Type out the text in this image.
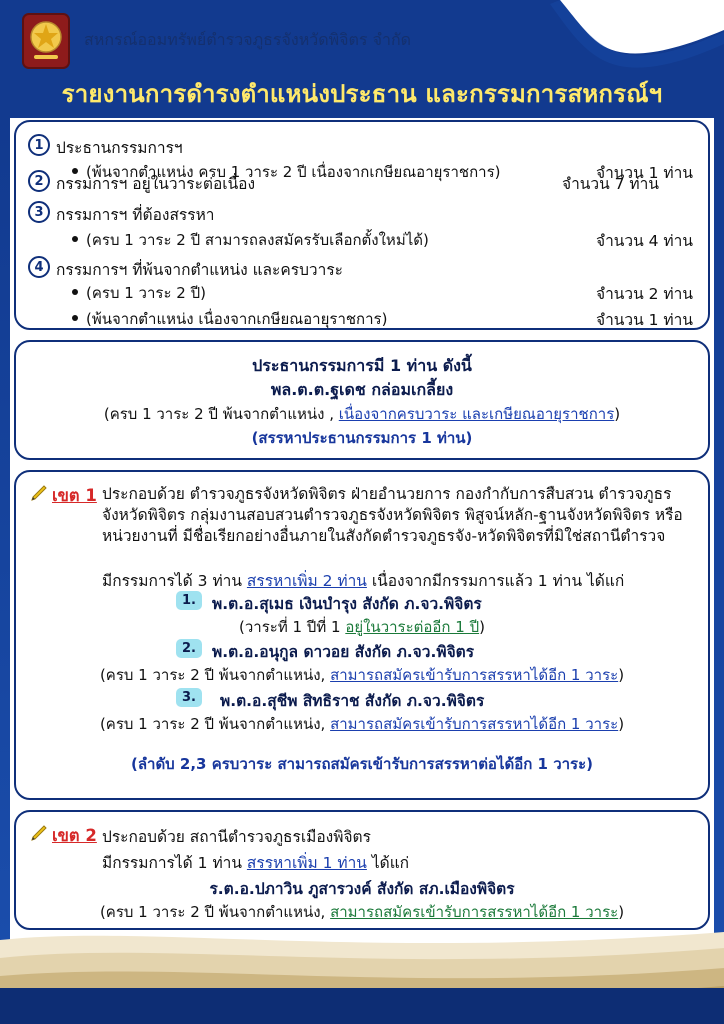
สหกรณ์ออมทรัพย์ตำรวจภูธรจังหวัดพิจิตร จำกัด
รายงานการดำรงตำแหน่งประธาน และกรรมการสหกรณ์ฯ
1 ประธานกรรมการฯ
(พ้นจากตำแหน่ง ครบ 1 วาระ 2 ปี เนื่องจากเกษียณอายุราชการ)	จำนวน 1 ท่าน
2 กรรมการฯ อยู่ในวาระต่อเนื่อง	จำนวน 7 ท่าน
3 กรรมการฯ ที่ต้องสรรหา
(ครบ 1 วาระ 2 ปี สามารถลงสมัครรับเลือกตั้งใหม่ได้)	จำนวน 4 ท่าน
4 กรรมการฯ ที่พ้นจากตำแหน่ง และครบวาระ
(ครบ 1 วาระ 2 ปี)	จำนวน 2 ท่าน
(พ้นจากตำแหน่ง เนื่องจากเกษียณอายุราชการ)	จำนวน 1 ท่าน
ประธานกรรมการมี 1 ท่าน ดังนี้
พล.ต.ต.ฐเดช กล่อมเกลี้ยง
(ครบ 1 วาระ 2 ปี พ้นจากตำแหน่ง , เนื่องจากครบวาระ และเกษียณอายุราชการ)
(สรรหาประธานกรรมการ 1 ท่าน)
เขต 1 ประกอบด้วย ตำรวจภูธรจังหวัดพิจิตร ฝ่ายอำนวยการ กองกำกับการสืบสวน ตำรวจภูธรจังหวัดพิจิตร กลุ่มงานสอบสวนตำรวจภูธรจังหวัดพิจิตร พิสูจน์หลัก-ฐานจังหวัดพิจิตร หรือหน่วยงานที่ มีชื่อเรียกอย่างอื่นภายในสังกัดตำรวจภูธรจัง-หวัดพิจิตรที่มิใช่สถานีตำรวจ
มีกรรมการได้ 3 ท่าน สรรหาเพิ่ม 2 ท่าน เนื่องจากมีกรรมการแล้ว 1 ท่าน ได้แก่
1.	พ.ต.อ.สุเมธ เงินบำรุง สังกัด ภ.จว.พิจิตร
(วาระที่ 1 ปีที่ 1 อยู่ในวาระต่ออีก 1 ปี)
2.	พ.ต.อ.อนุกูล ดาวอย สังกัด ภ.จว.พิจิตร
(ครบ 1 วาระ 2 ปี พ้นจากตำแหน่ง, สามารถสมัครเข้ารับการสรรหาได้อีก 1 วาระ)
3.	พ.ต.อ.สุชีพ สิทธิราช สังกัด ภ.จว.พิจิตร
(ครบ 1 วาระ 2 ปี พ้นจากตำแหน่ง, สามารถสมัครเข้ารับการสรรหาได้อีก 1 วาระ)
(ลำดับ 2,3 ครบวาระ สามารถสมัครเข้ารับการสรรหาต่อได้อีก 1 วาระ)
เขต 2 ประกอบด้วย สถานีตำรวจภูธรเมืองพิจิตร
มีกรรมการได้ 1 ท่าน สรรหาเพิ่ม 1 ท่าน ได้แก่
ร.ต.อ.ปภาวิน ภูสารวงค์ สังกัด สภ.เมืองพิจิตร
(ครบ 1 วาระ 2 ปี พ้นจากตำแหน่ง, สามารถสมัครเข้ารับการสรรหาได้อีก 1 วาระ)
